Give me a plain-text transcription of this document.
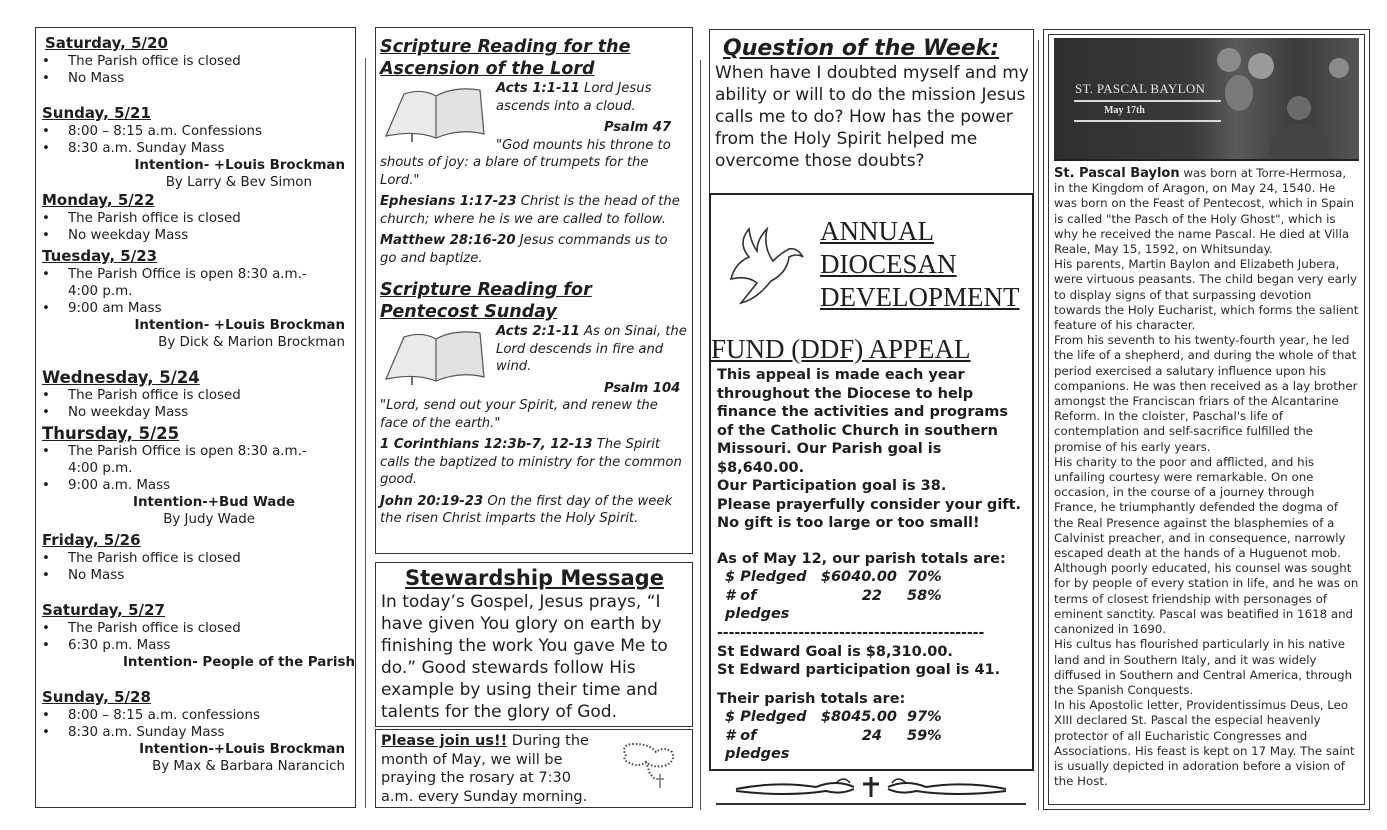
Saturday, 5/20
• The Parish office is closed
• No Mass
Sunday, 5/21
• 8:00 – 8:15 a.m. Confessions
• 8:30 a.m. Sunday Mass
Intention- +Louis Brockman
By Larry & Bev Simon
Monday, 5/22
• The Parish office is closed
• No weekday Mass
Tuesday, 5/23
• The Parish Office is open 8:30 a.m.-
4:00 p.m.
• 9:00 am Mass
Intention- +Louis Brockman
By Dick & Marion Brockman
Wednesday, 5/24
• The Parish office is closed
• No weekday Mass
Thursday, 5/25
• The Parish Office is open 8:30 a.m.-
4:00 p.m.
• 9:00 a.m. Mass
Intention-+Bud Wade
By Judy Wade
Friday, 5/26
• The Parish office is closed
• No Mass
Saturday, 5/27
• The Parish office is closed
• 6:30 p.m. Mass
Intention- People of the Parish
Sunday, 5/28
• 8:00 – 8:15 a.m. confessions
• 8:30 a.m. Sunday Mass
Intention-+Louis Brockman
By Max & Barbara Narancich
Scripture Reading for the
Ascension of the Lord
Acts 1:1-11 Lord Jesus ascends into a cloud.
Psalm 47 "God mounts his throne to shouts of joy: a blare of trumpets for the Lord."
Ephesians 1:17-23 Christ is the head of the church; where he is we are called to follow.
Matthew 28:16-20 Jesus commands us to go and baptize.
Scripture Reading for
Pentecost Sunday
Acts 2:1-11 As on Sinai, the Lord descends in fire and wind.
Psalm 104 "Lord, send out your Spirit, and renew the face of the earth."
1 Corinthians 12:3b-7, 12-13 The Spirit calls the baptized to ministry for the common good.
John 20:19-23 On the first day of the week the risen Christ imparts the Holy Spirit.
Stewardship Message

In today’s Gospel, Jesus prays, “I have given You glory on earth by finishing the work You gave Me to do.” Good stewards follow His example by using their time and talents for the glory of God.

Please join us!! During the month of May, we will be praying the rosary at 7:30 a.m. every Sunday morning.

Question of the Week:

When have I doubted myself and my ability or will to do the mission Jesus calls me to do? How has the power from the Holy Spirit helped me overcome those doubts?

ANNUAL
DIOCESAN
DEVELOPMENT
FUND (DDF) APPEAL
This appeal is made each year throughout the Diocese to help finance the activities and programs of the Catholic Church in southern Missouri. Our Parish goal is $8,640.00.
Our Participation goal is 38.
Please prayerfully consider your gift. No gift is too large or too small!
As of May 12, our parish totals are:
$ Pledged $6040.00 70%
# of pledges
22	58%
----------------------------------------------
St Edward Goal is $8,310.00.
St Edward participation goal is 41.
Their parish totals are:
$ Pledged $8045.00 97%
# of pledges
24	59%
ST. PASCAL BAYLON
May 17th
St. Pascal Baylon was born at Torre-Hermosa, in the Kingdom of Aragon, on May 24, 1540. He was born on the Feast of Pentecost, which in Spain is called "the Pasch of the Holy Ghost", which is why he received the name Pascal. He died at Villa Reale, May 15, 1592, on Whitsunday.
His parents, Martin Baylon and Elizabeth Jubera, were virtuous peasants. The child began very early to display signs of that surpassing devotion towards the Holy Eucharist, which forms the salient feature of his character.
From his seventh to his twenty-fourth year, he led the life of a shepherd, and during the whole of that period exercised a salutary influence upon his companions. He was then received as a lay brother amongst the Franciscan friars of the Alcantarine Reform. In the cloister, Paschal's life of contemplation and self-sacrifice fulfilled the promise of his early years.
His charity to the poor and afflicted, and his unfailing courtesy were remarkable. On one occasion, in the course of a journey through France, he triumphantly defended the dogma of the Real Presence against the blasphemies of a Calvinist preacher, and in consequence, narrowly escaped death at the hands of a Huguenot mob. Although poorly educated, his counsel was sought for by people of every station in life, and he was on terms of closest friendship with personages of eminent sanctity. Pascal was beatified in 1618 and canonized in 1690.
His cultus has flourished particularly in his native land and in Southern Italy, and it was widely diffused in Southern and Central America, through the Spanish Conquests.
In his Apostolic letter, Providentissimus Deus, Leo XIII declared St. Pascal the especial heavenly protector of all Eucharistic Congresses and Associations. His feast is kept on 17 May. The saint is usually depicted in adoration before a vision of the Host.
